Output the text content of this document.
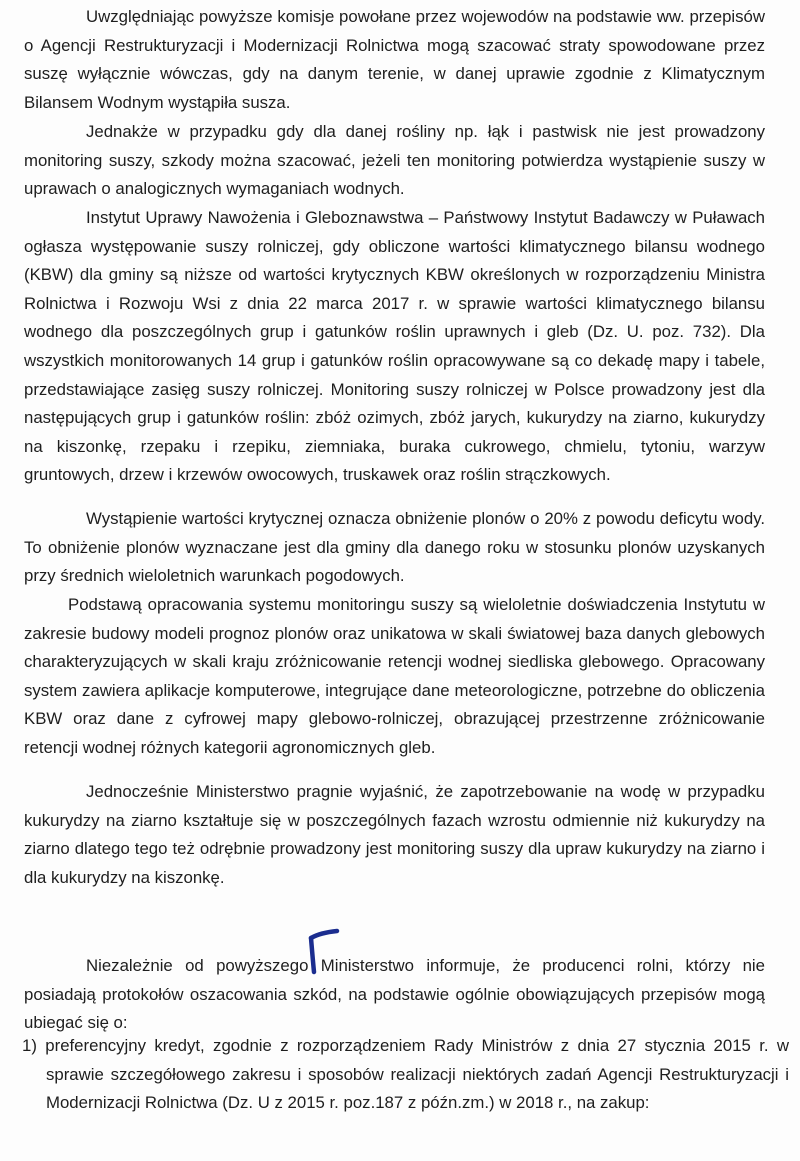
Uwzględniając powyższe komisje powołane przez wojewodów na podstawie ww. przepisów o Agencji Restrukturyzacji i Modernizacji Rolnictwa mogą szacować straty spowodowane przez suszę wyłącznie wówczas, gdy na danym terenie, w danej uprawie zgodnie z Klimatycznym Bilansem Wodnym wystąpiła susza.

Jednakże w przypadku gdy dla danej rośliny np. łąk i pastwisk nie jest prowadzony monitoring suszy, szkody można szacować, jeżeli ten monitoring potwierdza wystąpienie suszy w uprawach o analogicznych wymaganiach wodnych.

Instytut Uprawy Nawożenia i Gleboznawstwa – Państwowy Instytut Badawczy w Puławach ogłasza występowanie suszy rolniczej, gdy obliczone wartości klimatycznego bilansu wodnego (KBW) dla gminy są niższe od wartości krytycznych KBW określonych w rozporządzeniu Ministra Rolnictwa i Rozwoju Wsi z dnia 22 marca 2017 r. w sprawie wartości klimatycznego bilansu wodnego dla poszczególnych grup i gatunków roślin uprawnych i gleb (Dz. U. poz. 732). Dla wszystkich monitorowanych 14 grup i gatunków roślin opracowywane są co dekadę mapy i tabele, przedstawiające zasięg suszy rolniczej. Monitoring suszy rolniczej w Polsce prowadzony jest dla następujących grup i gatunków roślin: zbóż ozimych, zbóż jarych, kukurydzy na ziarno, kukurydzy na kiszonkę, rzepaku i rzepiku, ziemniaka, buraka cukrowego, chmielu, tytoniu, warzyw gruntowych, drzew i krzewów owocowych, truskawek oraz roślin strączkowych.

Wystąpienie wartości krytycznej oznacza obniżenie plonów o 20% z powodu deficytu wody. To obniżenie plonów wyznaczane jest dla gminy dla danego roku w stosunku plonów uzyskanych przy średnich wieloletnich warunkach pogodowych.

Podstawą opracowania systemu monitoringu suszy są wieloletnie doświadczenia Instytutu w zakresie budowy modeli prognoz plonów oraz unikatowa w skali światowej baza danych glebowych charakteryzujących w skali kraju zróżnicowanie retencji wodnej siedliska glebowego. Opracowany system zawiera aplikacje komputerowe, integrujące dane meteorologiczne, potrzebne do obliczenia KBW oraz dane z cyfrowej mapy glebowo-rolniczej, obrazującej przestrzenne zróżnicowanie retencji wodnej różnych kategorii agronomicznych gleb.

Jednocześnie Ministerstwo pragnie wyjaśnić, że zapotrzebowanie na wodę w przypadku kukurydzy na ziarno kształtuje się w poszczególnych fazach wzrostu odmiennie niż kukurydzy na ziarno dlatego tego też odrębnie prowadzony jest monitoring suszy dla upraw kukurydzy na ziarno i dla kukurydzy na kiszonkę.

Niezależnie od powyższego Ministerstwo informuje, że producenci rolni, którzy nie posiadają protokołów oszacowania szkód, na podstawie ogólnie obowiązujących przepisów mogą ubiegać się o:

1) preferencyjny kredyt, zgodnie z rozporządzeniem Rady Ministrów z dnia 27 stycznia 2015 r. w sprawie szczegółowego zakresu i sposobów realizacji niektórych zadań Agencji Restrukturyzacji i Modernizacji Rolnictwa (Dz. U z 2015 r. poz.187 z późn.zm.) w 2018 r., na zakup:
